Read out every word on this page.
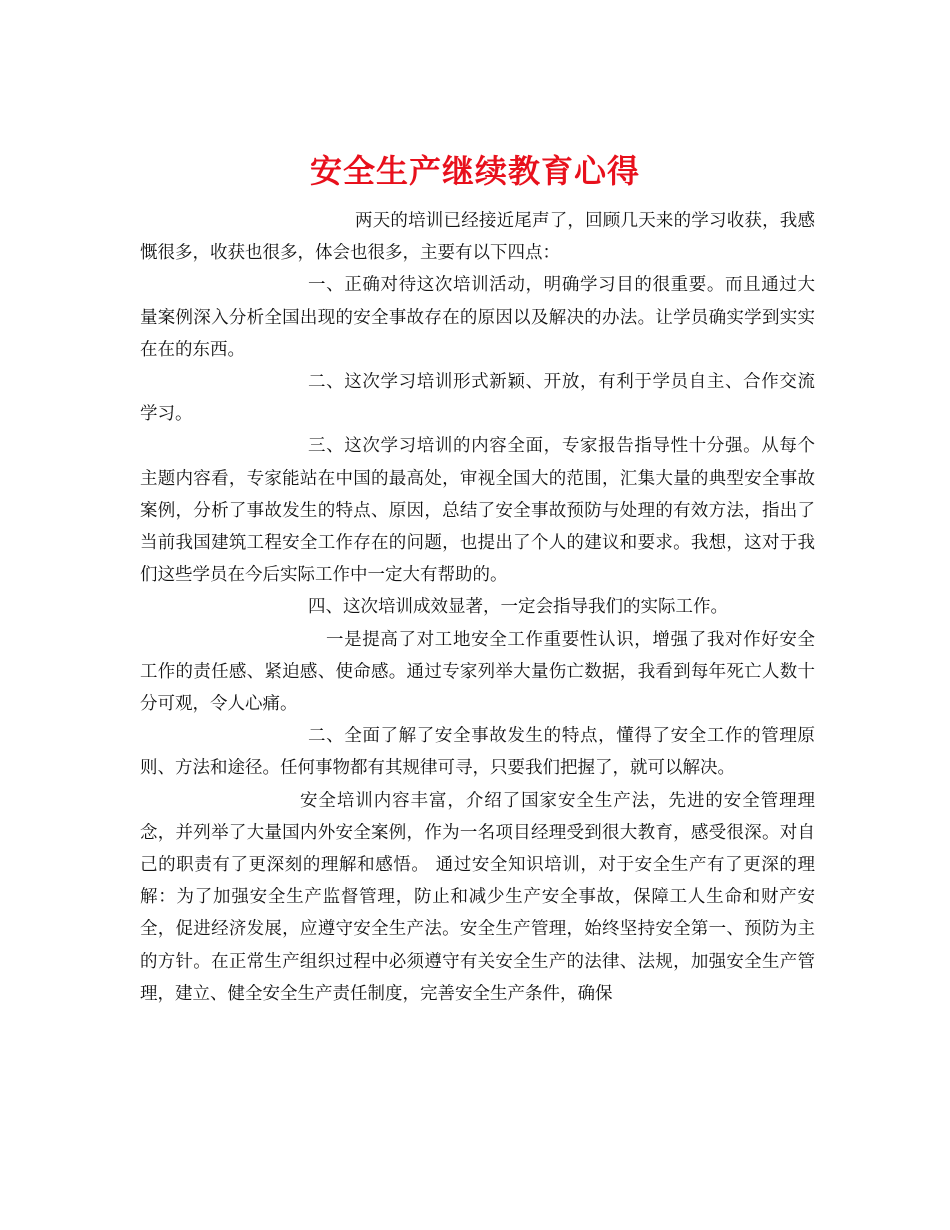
安全生产继续教育心得

两天的培训已经接近尾声了，回顾几天来的学习收获，我感慨很多，收获也很多，体会也很多，主要有以下四点：

一、正确对待这次培训活动，明确学习目的很重要。而且通过大量案例深入分析全国出现的安全事故存在的原因以及解决的办法。让学员确实学到实实在在的东西。

二、这次学习培训形式新颖、开放，有利于学员自主、合作交流学习。

三、这次学习培训的内容全面，专家报告指导性十分强。从每个主题内容看，专家能站在中国的最高处，审视全国大的范围，汇集大量的典型安全事故案例，分析了事故发生的特点、原因，总结了安全事故预防与处理的有效方法，指出了当前我国建筑工程安全工作存在的问题，也提出了个人的建议和要求。我想，这对于我们这些学员在今后实际工作中一定大有帮助的。

四、这次培训成效显著，一定会指导我们的实际工作。

一是提高了对工地安全工作重要性认识，增强了我对作好安全工作的责任感、紧迫感、使命感。通过专家列举大量伤亡数据，我看到每年死亡人数十分可观，令人心痛。

二、全面了解了安全事故发生的特点，懂得了安全工作的管理原则、方法和途径。任何事物都有其规律可寻，只要我们把握了，就可以解决。

安全培训内容丰富，介绍了国家安全生产法，先进的安全管理理念，并列举了大量国内外安全案例，作为一名项目经理受到很大教育，感受很深。对自己的职责有了更深刻的理解和感悟。 通过安全知识培训，对于安全生产有了更深的理解：为了加强安全生产监督管理，防止和减少生产安全事故，保障工人生命和财产安全，促进经济发展，应遵守安全生产法。安全生产管理，始终坚持安全第一、预防为主的方针。在正常生产组织过程中必须遵守有关安全生产的法律、法规，加强安全生产管理，建立、健全安全生产责任制度，完善安全生产条件，确保
